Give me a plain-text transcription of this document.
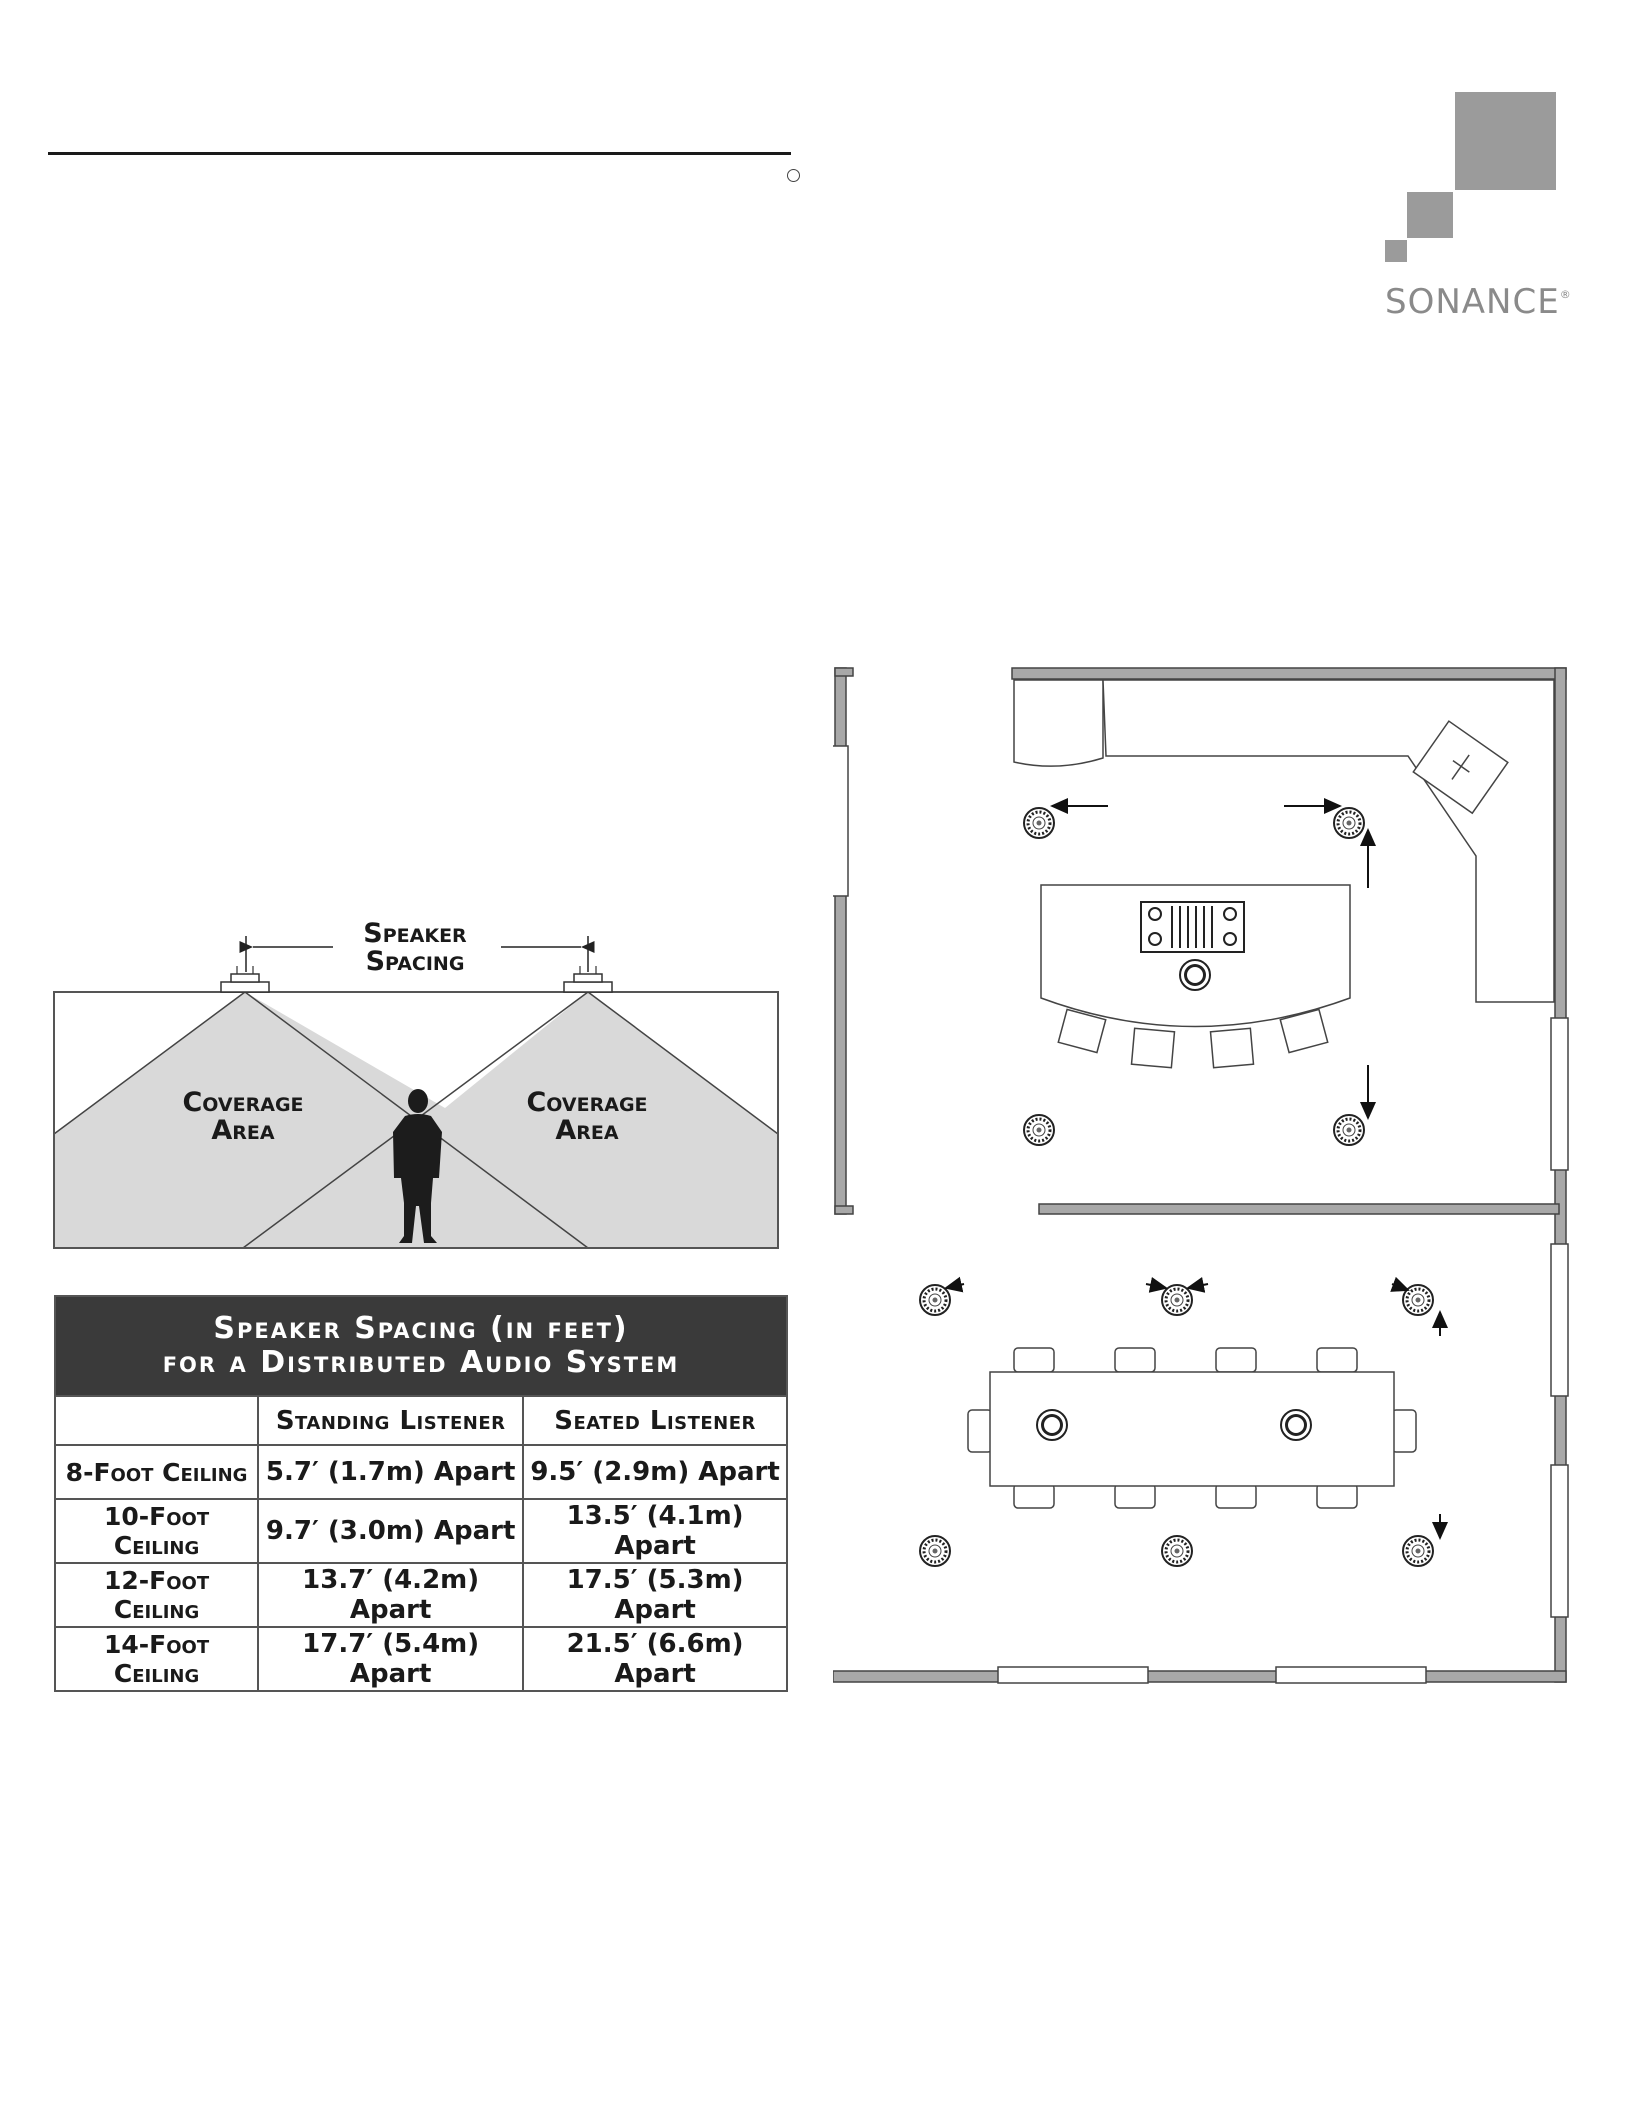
SONANCE®
Speaker
Spacing
Coverage
Area
Coverage
Area
Speaker Spacing (in feet)
for a Distributed Audio System		

	Standing Listener	Seated Listener
8-Foot Ceiling	5.7′ (1.7m) Apart	9.5′ (2.9m) Apart
10-Foot Ceiling	9.7′ (3.0m) Apart	13.5′ (4.1m) Apart
12-Foot Ceiling	13.7′ (4.2m) Apart	17.5′ (5.3m) Apart
14-Foot Ceiling	17.7′ (5.4m) Apart	21.5′ (6.6m) Apart
